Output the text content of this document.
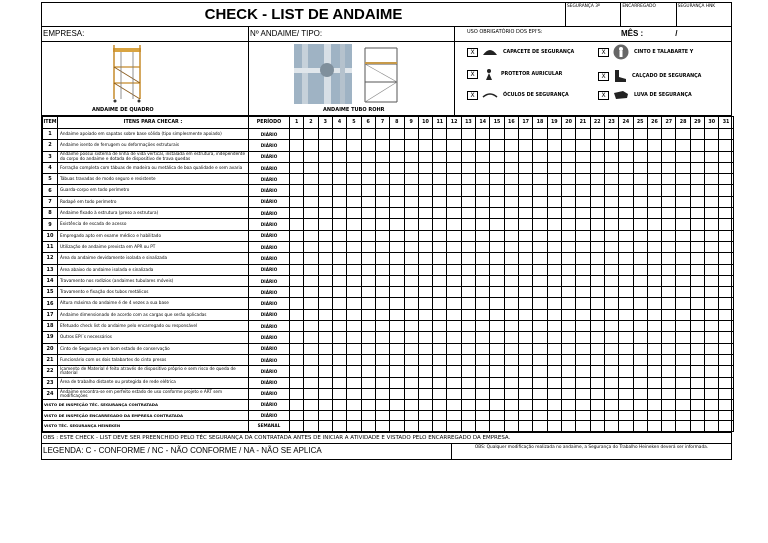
CHECK - LIST DE ANDAIME	SEGURANÇA 3º	ENCARREGADO	SEGURANÇA HNK
EMPRESA:	Nº ANDAIME/ TIPO:	USO OBRIGATÓRIO DOS EPI'S:	MÊS :	/
ANDAIME DE QUADRO	ANDAIME TUBO ROHR
X	CAPACETE DE SEGURANÇA	X	CINTO E TALABARTE Y
X	PROTETOR AURICULAR	X	CALÇADO DE SEGURANÇA
X	ÓCULOS DE SEGURANÇA	X	LUVA DE SEGURANÇA
ITEM	ITENS PARA CHECAR :	PERÍODO	1	2	3	4	5	6	7	8	9	10	11	12	13	14	15	16	17	18	19	20	21	22	23	24	25	26	27	28	29	30	31
1	Andaime apoiado em sapatas sobre base sólida (tipo simplesmente apoiado)	DIÁRIO																															
2	Andaime isento de ferrugem ou deformações estruturais	DIÁRIO																															
3	Andaime possui sistema de linha de vida vertical, instalada em estrutura, independente do corpo do andaime e dotada de dispositivo de trava quedas	DIÁRIO																															
4	Forração completa com tábuas de madeira ou metálica de boa qualidade e sem avaria	DIÁRIO																															
5	Tábuas travadas de modo seguro e resistente	DIÁRIO																															
6	Guarda-corpo em todo perímetro	DIÁRIO																															
7	Rodapé em todo perímetro	DIÁRIO																															
8	Andaime fixado à estrutura (preso a estrutura)	DIÁRIO																															
9	Existência de escada de acesso	DIÁRIO																															
10	Empregado apto em exame médico e habilitado	DIÁRIO																															
11	Utilização de andaime prevista em APR ou PT	DIÁRIO																															
12	Área do andaime devidamente isolada e sinalizada	DIÁRIO																															
13	Área abaixo do andaime isolada e sinalizada	DIÁRIO																															
14	Travamento nos rodízios (andaimes tubulares móveis)	DIÁRIO																															
15	Travamento e fixação dos tubos metálicos	DIÁRIO																															
16	Altura máxima do andaime é de 4 vezes a sua base	DIÁRIO																															
17	Andaime dimensionado de acordo com as cargas que serão aplicadas	DIÁRIO																															
18	Efetuado check list do andaime pelo encarregado ou responsável	DIÁRIO																															
19	Outros EPI´s necessários	DIÁRIO																															
20	Cinto de Segurança em bom estado de conservação	DIÁRIO																															
21	Funcionário com os dois talabartes do cinto presos	DIÁRIO																															
22	Içamento de Material é feito através de dispositivo próprio e sem risco de queda de material	DIÁRIO																															
23	Área de trabalho distante ou protegida de rede elétrica	DIÁRIO																															
24	Andaime encontra-se em perfeito estado de uso conforme projeto e ART sem modificações	DIÁRIO																															
VISTO DE INSPEÇÃO TÉC. SEGURANÇA CONTRATADA		DIÁRIO																															
VISTO DE INSPEÇÃO ENCARREGADO DA EMPRESA CONTRATADA		DIÁRIO																															
VISTO TÉC. SEGURANÇA HEINEKEN		SEMANAL																															
OBS : ESTE CHECK - LIST DEVE SER PREENCHIDO PELO TÉC SEGURANÇA DA CONTRATADA ANTES DE INICIAR A ATIVIDADE E VISTADO PELO ENCARREGADO DA EMPRESA.
LEGENDA: C - CONFORME / NC - NÃO CONFORME / NA - NÃO SE APLICA	OBS: Qualquer modificação realizada no andaime, a Segurança do Trabalho Heineken deverá ser informada.
